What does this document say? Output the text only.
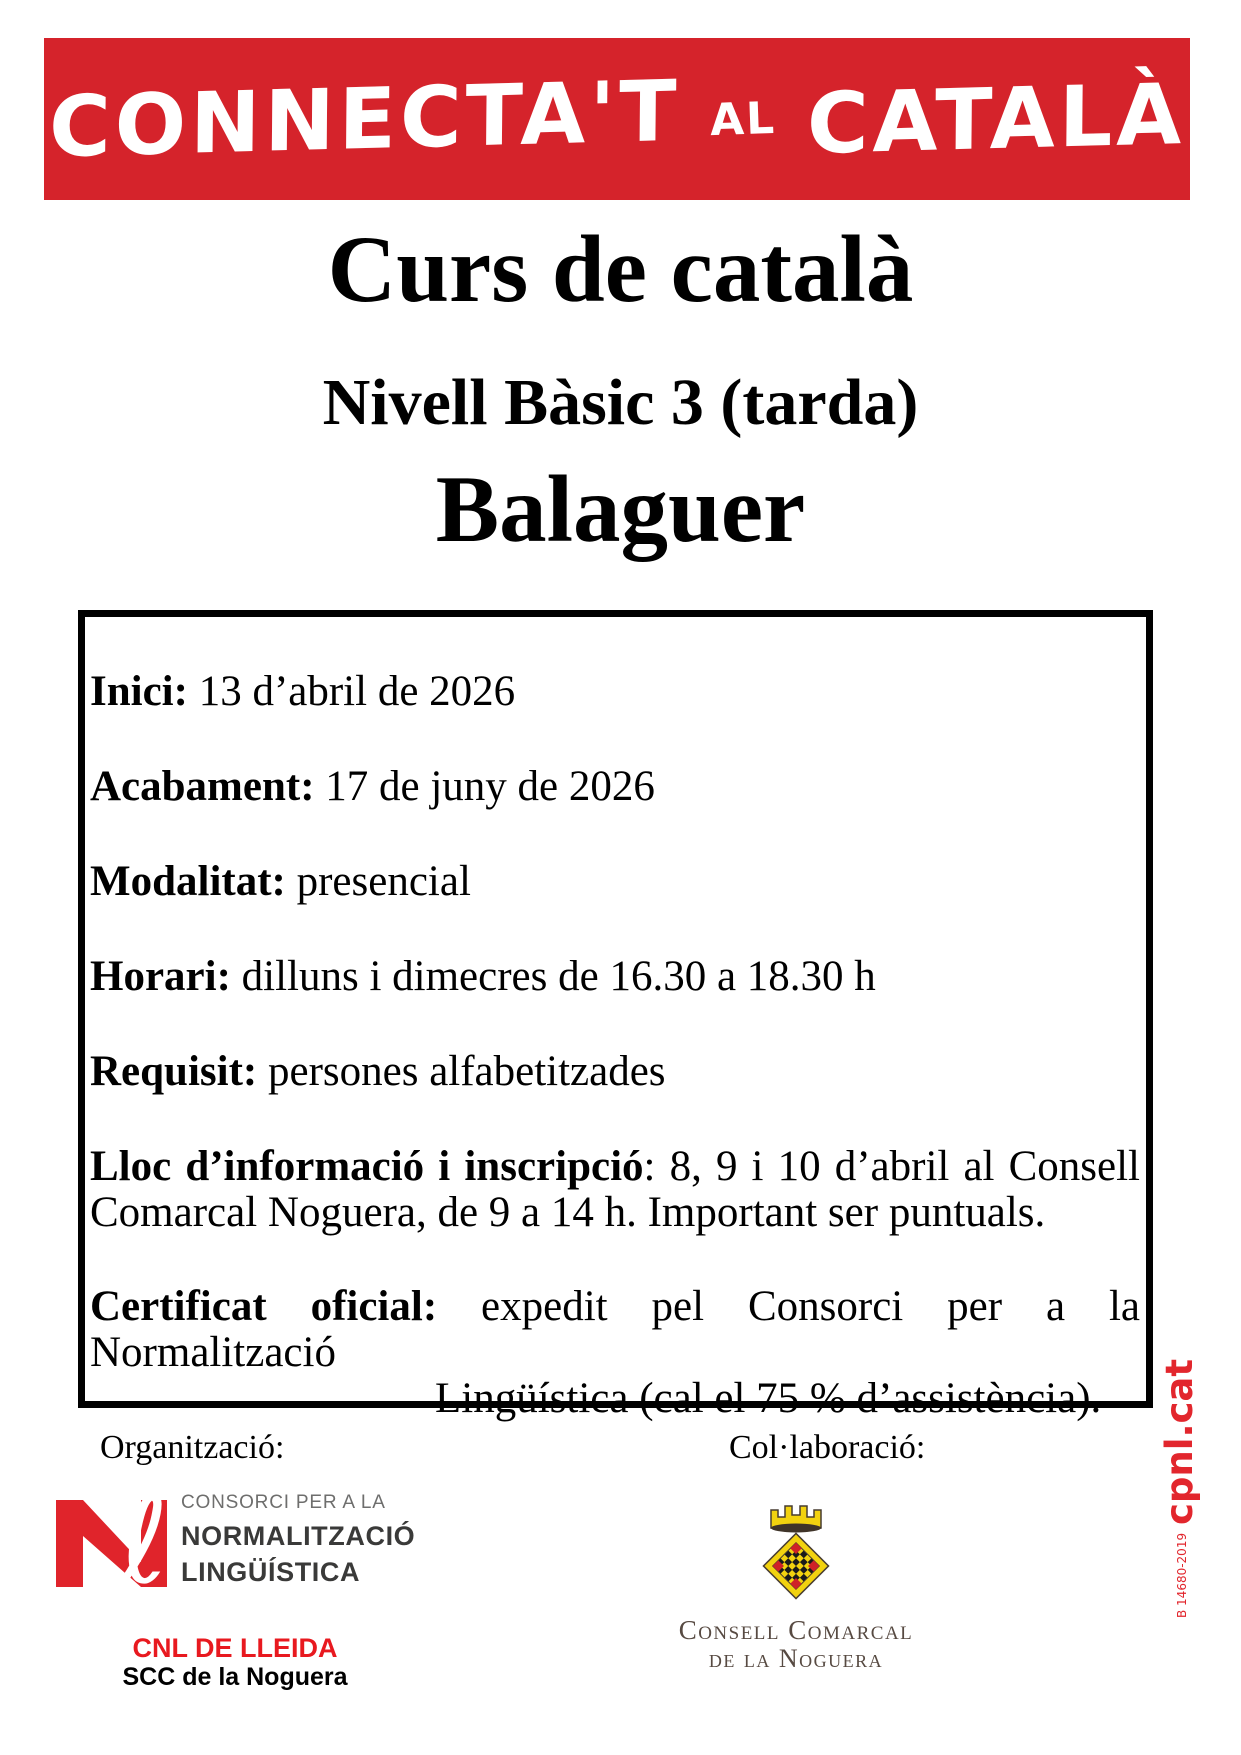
CONNECTA'T AL CATALÀ
Curs de català
Nivell Bàsic 3 (tarda)
Balaguer
Inici: 13 d’abril de 2026
Acabament: 17 de juny de 2026
Modalitat: presencial
Horari: dilluns i dimecres de 16.30 a 18.30 h
Requisit: persones alfabetitzades
Lloc d’informació i inscripció: 8, 9 i 10 d’abril al Consell
Comarcal Noguera, de 9 a 14 h. Important ser puntuals.
Certificat oficial: expedit pel Consorci per a la Normalització
Lingüística (cal el 75 % d’assistència).
Organització:	Col·laboració:
ℓ CONSORCI PER A LA
NORMALITZACIÓ
LINGÜÍSTICA
CNL DE LLEIDA
SCC de la Noguera
Consell Comarcal
de la Noguera
cpnl.cat
B 14680-2019
